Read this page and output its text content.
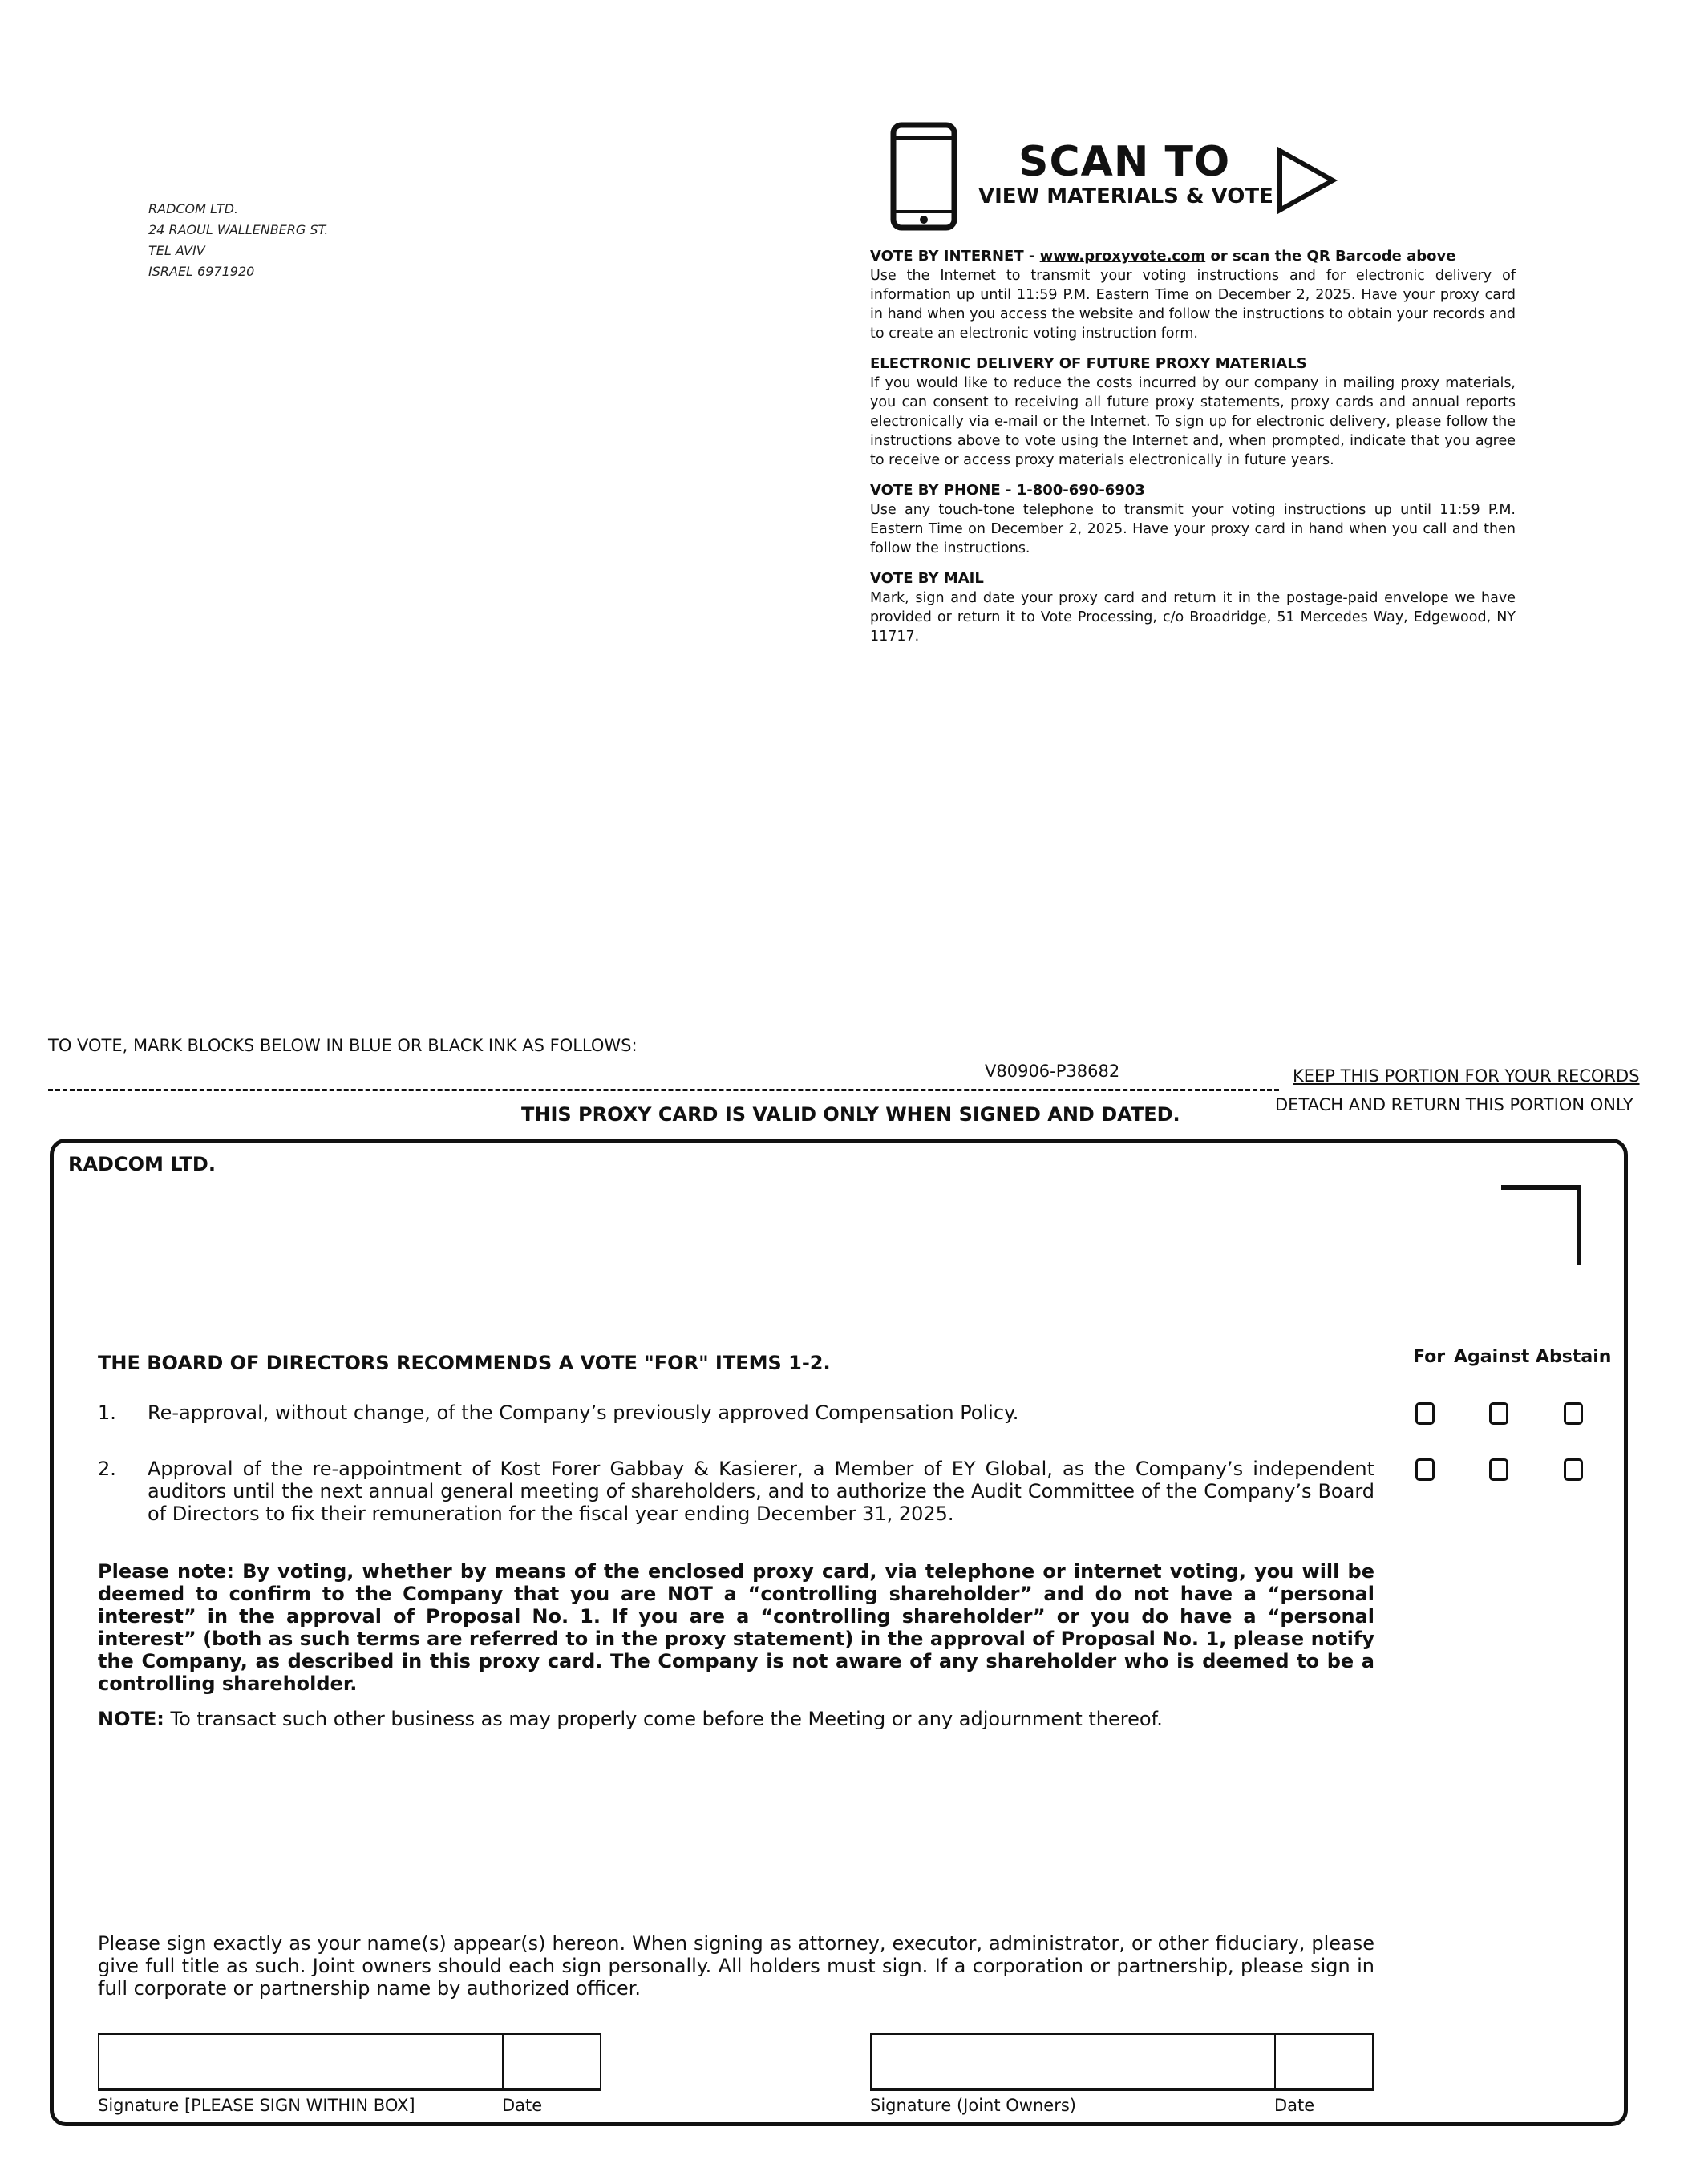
RADCOM LTD.
24 RAOUL WALLENBERG ST.
TEL AVIV
ISRAEL 6971920
SCAN TO
VIEW MATERIALS & VOTE
VOTE BY INTERNET - www.proxyvote.com or scan the QR Barcode above
Use the Internet to transmit your voting instructions and for electronic delivery of information up until 11:59 P.M. Eastern Time on December 2, 2025. Have your proxy card in hand when you access the website and follow the instructions to obtain your records and to create an electronic voting instruction form.
ELECTRONIC DELIVERY OF FUTURE PROXY MATERIALS
If you would like to reduce the costs incurred by our company in mailing proxy materials, you can consent to receiving all future proxy statements, proxy cards and annual reports electronically via e-mail or the Internet. To sign up for electronic delivery, please follow the instructions above to vote using the Internet and, when prompted, indicate that you agree to receive or access proxy materials electronically in future years.
VOTE BY PHONE - 1-800-690-6903
Use any touch-tone telephone to transmit your voting instructions up until 11:59 P.M. Eastern Time on December 2, 2025. Have your proxy card in hand when you call and then follow the instructions.
VOTE BY MAIL
Mark, sign and date your proxy card and return it in the postage-paid envelope we have provided or return it to Vote Processing, c/o Broadridge, 51 Mercedes Way, Edgewood, NY 11717.
TO VOTE, MARK BLOCKS BELOW IN BLUE OR BLACK INK AS FOLLOWS:
V80906-P38682	KEEP THIS PORTION FOR YOUR RECORDS
THIS PROXY CARD IS VALID ONLY WHEN SIGNED AND DATED.	DETACH AND RETURN THIS PORTION ONLY
RADCOM LTD.
THE BOARD OF DIRECTORS RECOMMENDS A VOTE "FOR" ITEMS 1-2.	For Against Abstain
1. Re-approval, without change, of the Company’s previously approved Compensation Policy.
2. Approval of the re-appointment of Kost Forer Gabbay & Kasierer, a Member of EY Global, as the Company’s independent auditors until the next annual general meeting of shareholders, and to authorize the Audit Committee of the Company’s Board of Directors to fix their remuneration for the fiscal year ending December 31, 2025.
Please note: By voting, whether by means of the enclosed proxy card, via telephone or internet voting, you will be deemed to confirm to the Company that you are NOT a “controlling shareholder” and do not have a “personal interest” in the approval of Proposal No. 1. If you are a “controlling shareholder” or you do have a “personal interest” (both as such terms are referred to in the proxy statement) in the approval of Proposal No. 1, please notify the Company, as described in this proxy card. The Company is not aware of any shareholder who is deemed to be a controlling shareholder.
NOTE: To transact such other business as may properly come before the Meeting or any adjournment thereof.
Please sign exactly as your name(s) appear(s) hereon. When signing as attorney, executor, administrator, or other fiduciary, please give full title as such. Joint owners should each sign personally. All holders must sign. If a corporation or partnership, please sign in full corporate or partnership name by authorized officer.
Signature [PLEASE SIGN WITHIN BOX]	Date	Signature (Joint Owners)	Date
